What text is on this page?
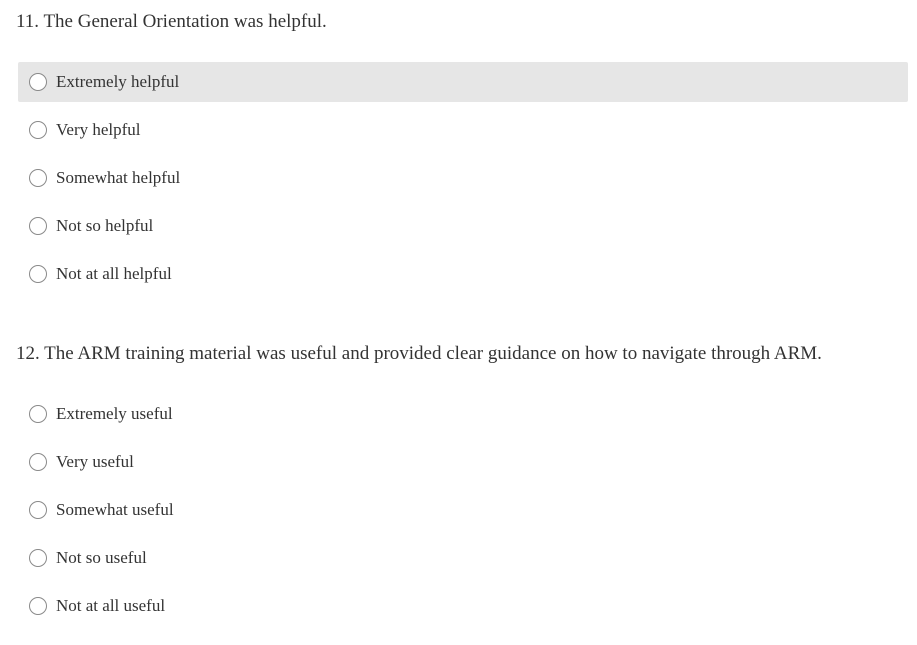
11. The General Orientation was helpful.
Extremely helpful
Very helpful
Somewhat helpful
Not so helpful
Not at all helpful
12. The ARM training material was useful and provided clear guidance on how to navigate through ARM.
Extremely useful
Very useful
Somewhat useful
Not so useful
Not at all useful
